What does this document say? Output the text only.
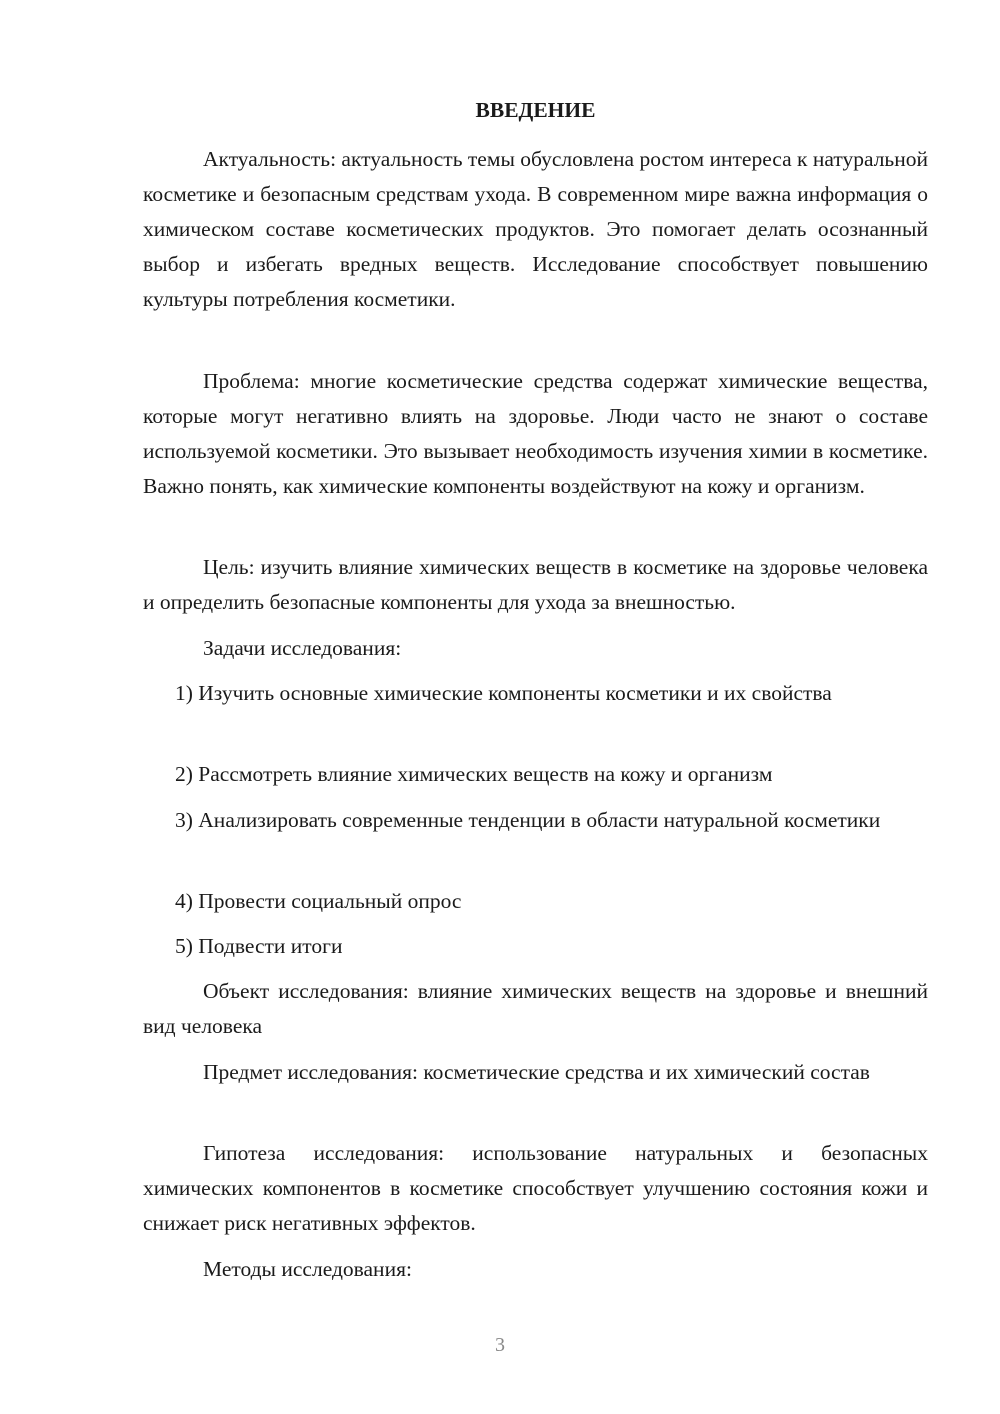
ВВЕДЕНИЕ

Актуальность: актуальность темы обусловлена ростом интереса к натуральной косметике и безопасным средствам ухода. В современном мире важна информация о химическом составе косметических продуктов. Это помогает делать осознанный выбор и избегать вредных веществ. Исследование способствует повышению культуры потребления косметики.

Проблема: многие косметические средства содержат химические вещества, которые могут негативно влиять на здоровье. Люди часто не знают о составе используемой косметики. Это вызывает необходимость изучения химии в косметике. Важно понять, как химические компоненты воздействуют на кожу и организм.

Цель: изучить влияние химических веществ в косметике на здоровье человека и определить безопасные компоненты для ухода за внешностью.

Задачи исследования:

1) Изучить основные химические компоненты косметики и их свойства

2) Рассмотреть влияние химических веществ на кожу и организм

3) Анализировать современные тенденции в области натуральной косметики

4) Провести социальный опрос

5) Подвести итоги

Объект исследования: влияние химических веществ на здоровье и внешний вид человека

Предмет исследования: косметические средства и их химический состав

Гипотеза исследования: использование натуральных и безопасных химических компонентов в косметике способствует улучшению состояния кожи и снижает риск негативных эффектов.

Методы исследования:

3
